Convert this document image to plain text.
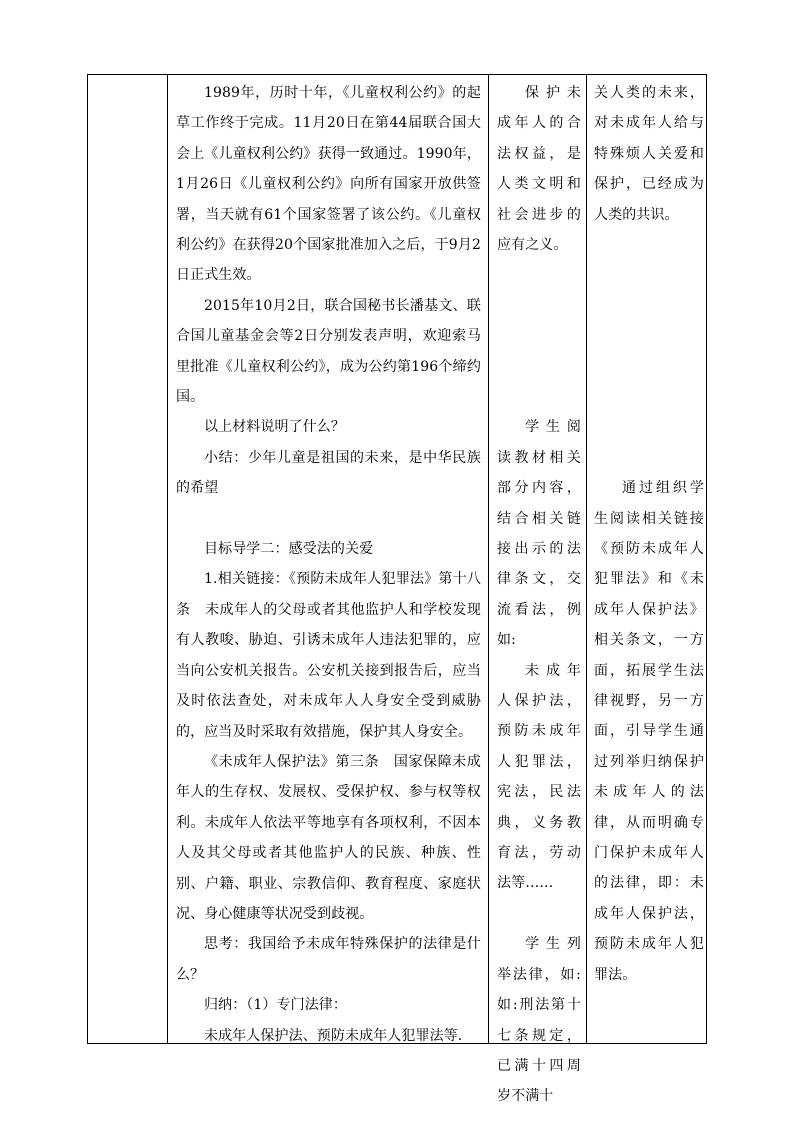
1989年，历时十年，《儿童权利公约》的起草工作终于完成。11月20日在第44届联合国大会上《儿童权利公约》获得一致通过。1990年，1月26日《儿童权利公约》向所有国家开放供签署，当天就有61个国家签署了该公约。《儿童权利公约》在获得20个国家批准加入之后，于9月2日正式生效。

2015年10月2日，联合国秘书长潘基文、联合国儿童基金会等2日分别发表声明，欢迎索马里批准《儿童权利公约》，成为公约第196个缔约国。

以上材料说明了什么？

小结：少年儿童是祖国的未来，是中华民族的希望

目标导学二：感受法的关爱

1.相关链接：《预防未成年人犯罪法》第十八条　未成年人的父母或者其他监护人和学校发现有人教唆、胁迫、引诱未成年人违法犯罪的，应当向公安机关报告。公安机关接到报告后，应当及时依法查处，对未成年人人身安全受到威胁的，应当及时采取有效措施，保护其人身安全。

《未成年人保护法》第三条　国家保障未成年人的生存权、发展权、受保护权、参与权等权利。未成年人依法平等地享有各项权利，不因本人及其父母或者其他监护人的民族、种族、性别、户籍、职业、宗教信仰、教育程度、家庭状况、身心健康等状况受到歧视。

思考：我国给予未成年特殊保护的法律是什么？

归纳：（1）专门法律：

未成年人保护法、预防未成年人犯罪法等.

保护未成年人的合法权益，是人类文明和社会进步的应有之义。

学生阅读教材相关部分内容，结合相关链接出示的法律条文，交流看法，例如:

未成年人保护法，预防未成年人犯罪法，宪法，民法典，义务教育法，劳动法等……

学生列举法律，如:如:刑法第十七条规定，已满十四周岁不满十

关人类的未来，对未成年人给与特殊烦人关爱和保护，已经成为人类的共识。

通过组织学生阅读相关链接《预防未成年人犯罪法》和《未成年人保护法》相关条文，一方面，拓展学生法律视野，另一方面，引导学生通过列举归纳保护未成年人的法律，从而明确专门保护未成年人的法律，即：未成年人保护法，预防未成年人犯罪法。
